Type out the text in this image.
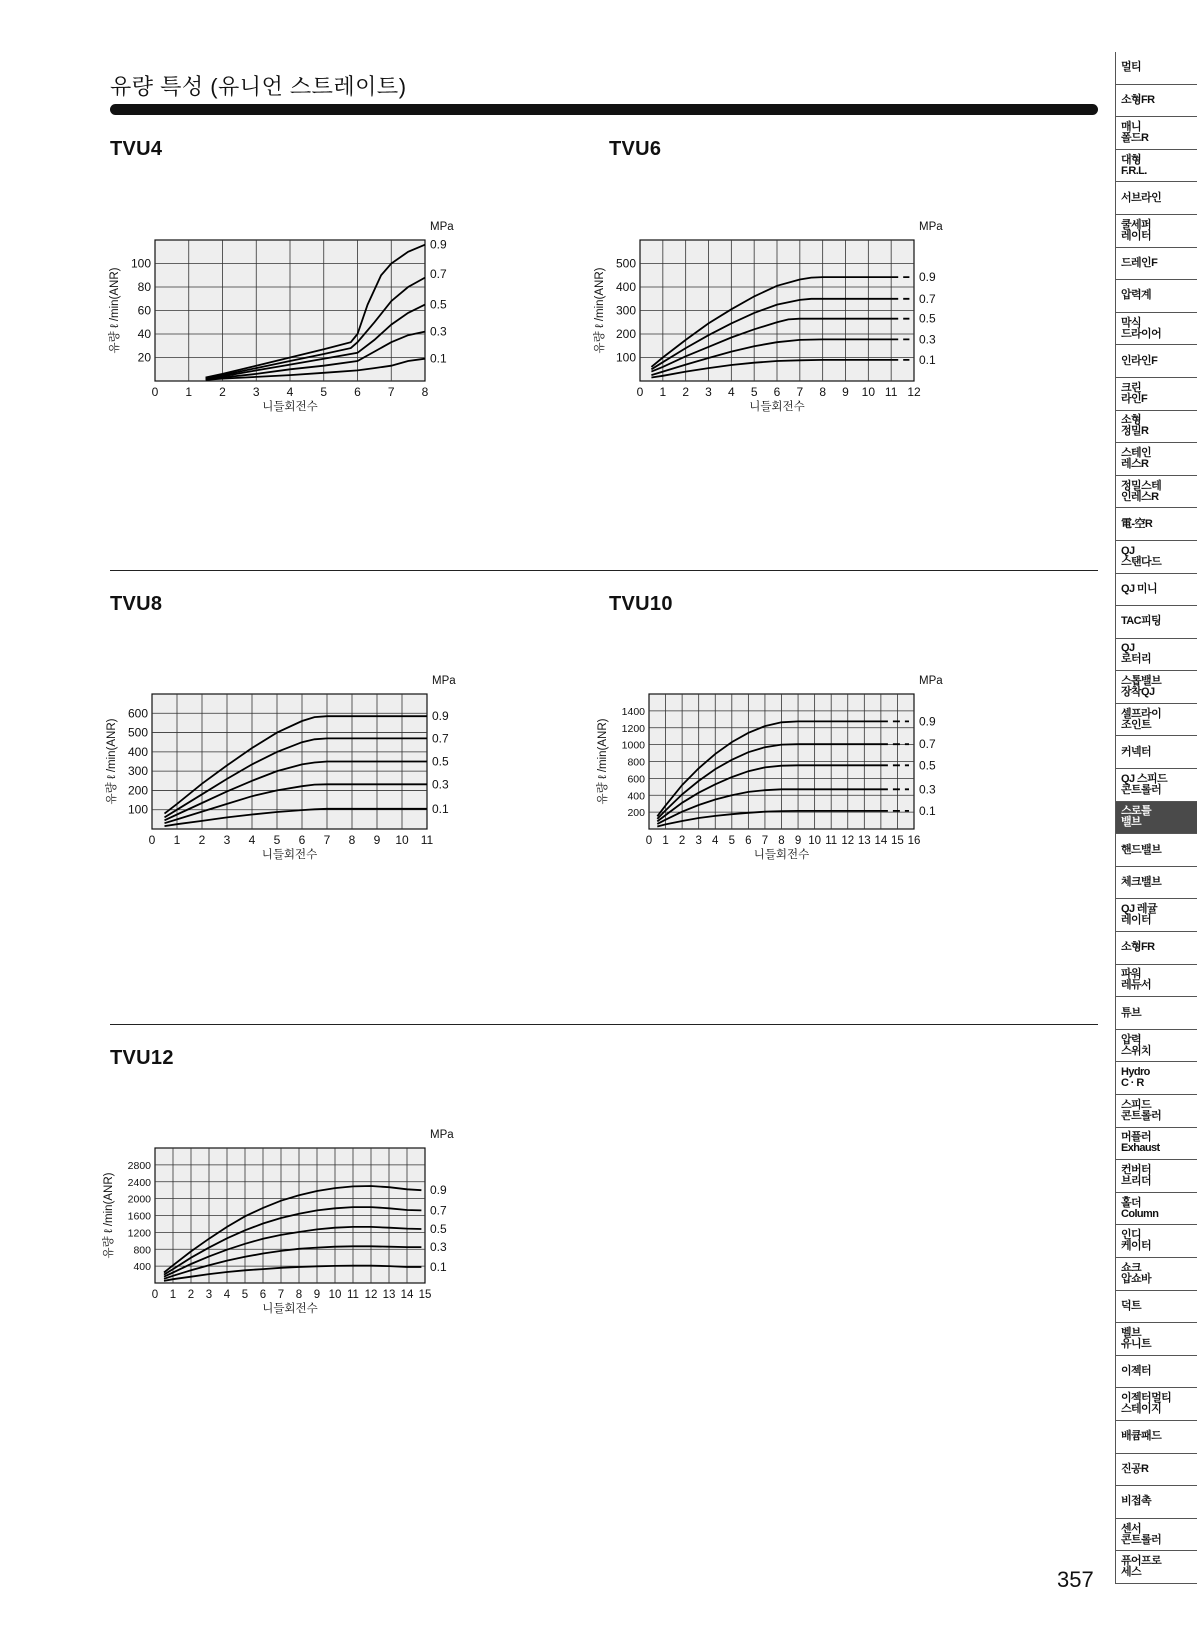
유량 특성 (유니언 스트레이트)
TVU4	TVU6
TVU8	TVU10
TVU12
0 1 2 3 4 5 6 7 8
20
40
60
80
100
니들회전수
유량 ℓ /min(ANR)
MPa
0.9
0.7
0.5
0.3
0.1
0 1 2 3 4 5 6 7 8 9 10 11 12
100
200
300
400
500
니들회전수
유량 ℓ /min(ANR)
MPa
0.9
0.7
0.5
0.3
0.1
0 1 2 3 4 5 6 7 8 9 10 11
100
200
300
400
500
600
니들회전수
유량 ℓ /min(ANR)
MPa
0.9
0.7
0.5
0.3
0.1
0 1 2 3 4 5 6 7 8 9 10 11 12 13 14 15 16
200
400
600
800
1000
1200
1400
니들회전수
유량 ℓ /min(ANR)
MPa
0.9
0.7
0.5
0.3
0.1
0 1 2 3 4 5 6 7 8 9 10 11 12 13 14 15
400
800
1200
1600
2000
2400
2800
니들회전수
유량 ℓ /min(ANR)
MPa
0.9
0.7
0.5
0.3
0.1
멀티
소형FR
매니
폴드R
대형
F.R.L.
서브라인
쿨세퍼
레이터
드레인F
압력계
막식
드라이어
인라인F
크린
라인F
소형
정밀R
스테인
레스R
정밀스테
인레스R
電-空R
QJ
스탠다드
QJ 미니
TAC피팅
QJ
로터리
스톱밸브
장착QJ
셀프라이
조인트
커넥터
QJ 스피드
콘트롤러
스로틀
밸브
핸드밸브
체크밸브
QJ 레귤
레이터
소형FR
파워
레듀서
튜브
압력
스위치
Hydro
C · R
스피드
콘트롤러
머플러
Exhaust
컨버터
브리더
홀더
Column
인디
케이터
쇼크
압쇼바
덕트
벨브
유니트
이젝터
이젝터멀티
스테이지
배큠패드
진공R
비접촉
센서
콘트롤러
퓨어프로
세스
357
